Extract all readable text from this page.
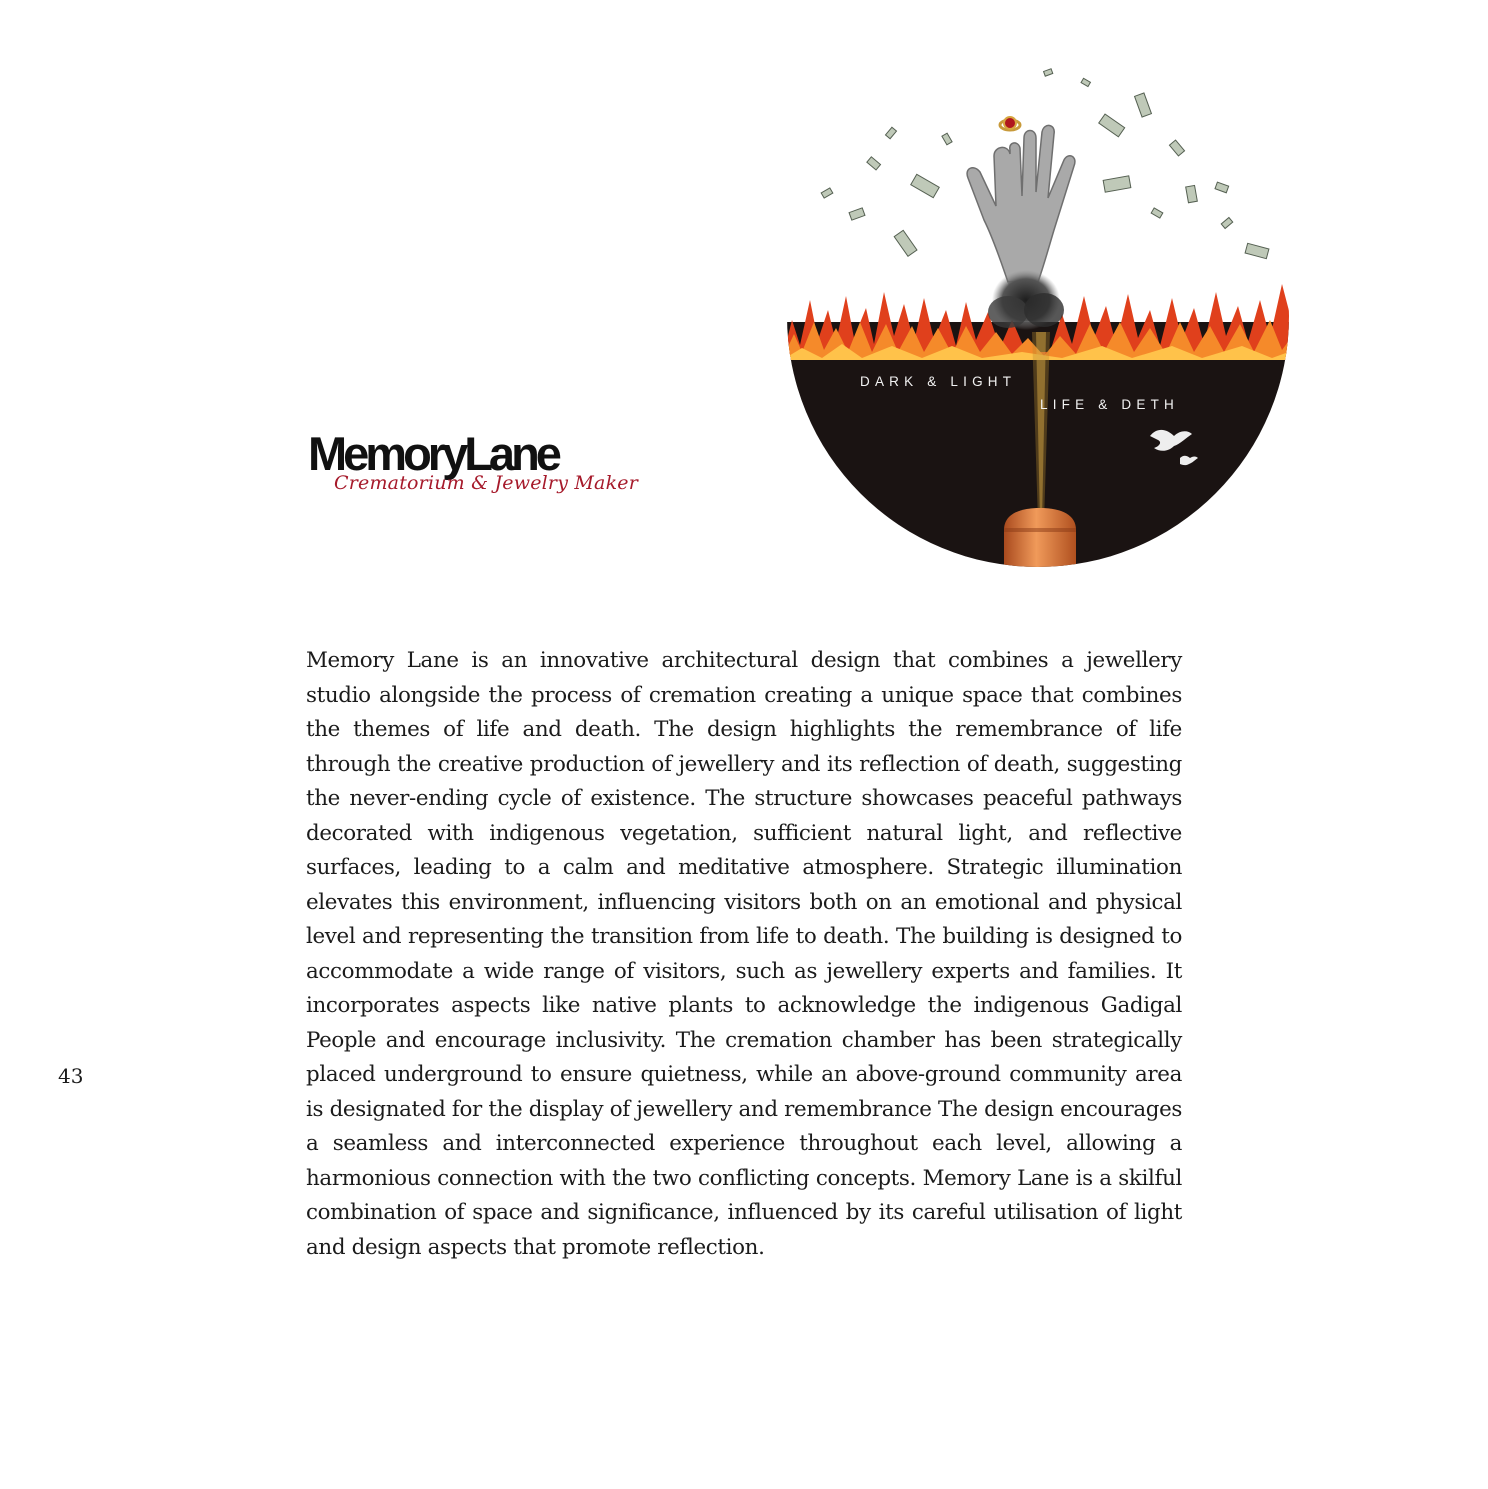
MemoryLane
Crematorium & Jewelry Maker
DARK & LIGHT
LIFE & DETH

Memory Lane is an innovative architectural design that combines a jewellery studio alongside the process of cremation creating a unique space that combines the themes of life and death. The design highlights the remembrance of life through the creative production of jewellery and its reflection of death, suggesting the never-ending cycle of existence. The structure showcases peaceful pathways decorated with indigenous vegetation, sufficient natural light, and reflective surfaces, leading to a calm and meditative atmosphere. Strategic illumination elevates this environment, influencing visitors both on an emotional and physical level and representing the transition from life to death. The building is designed to accommodate a wide range of visitors, such as jewellery experts and families. It incorporates aspects like native plants to acknowledge the indigenous Gadigal People and encourage inclusivity. The cremation chamber has been strategically placed underground to ensure quietness, while an above-ground community area is designated for the display of jewellery and remembrance The design encourages a seamless and interconnected experience throughout each level, allowing a harmonious connection with the two conflicting concepts. Memory Lane is a skilful combination of space and significance, influenced by its careful utilisation of light and design aspects that promote reflection.

43
